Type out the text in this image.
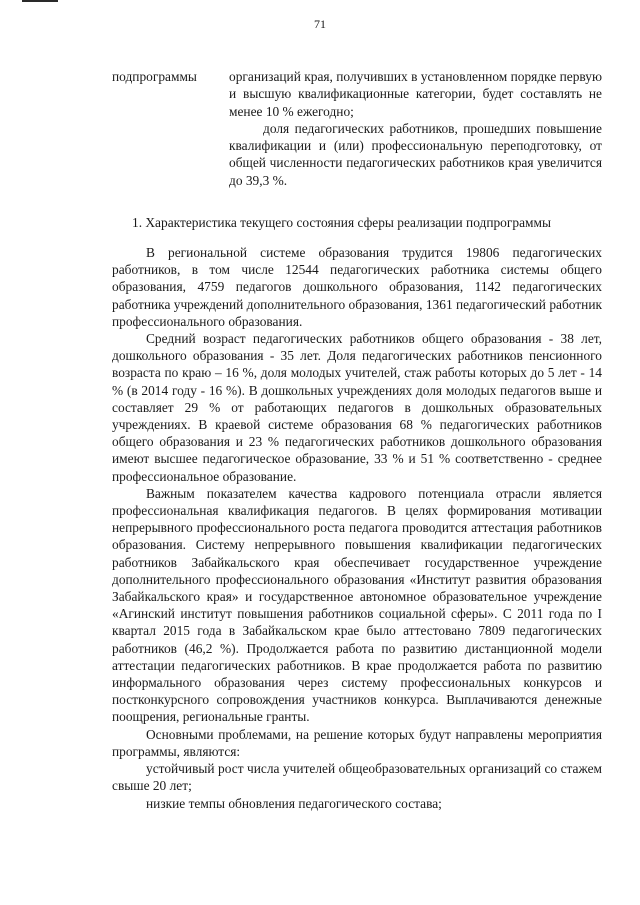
71
подпрограммы организаций края, получивших в установленном порядке первую и высшую квалификационные категории, будет составлять не менее 10 % ежегодно;

доля педагогических работников, прошедших повышение квалификации и (или) профессиональную переподготовку, от общей численности педагогических работников края увеличится до 39,3 %.

1. Характеристика текущего состояния сферы реализации подпрограммы

В региональной системе образования трудится 19806 педагогических работников, в том числе 12544 педагогических работника системы общего образования, 4759 педагогов дошкольного образования, 1142 педагогических работника учреждений дополнительного образования, 1361 педагогический работник профессионального образования.

Средний возраст педагогических работников общего образования - 38 лет, дошкольного образования - 35 лет. Доля педагогических работников пенсионного возраста по краю – 16 %, доля молодых учителей, стаж работы которых до 5 лет - 14 % (в 2014 году - 16 %). В дошкольных учреждениях доля молодых педагогов выше и составляет 29 % от работающих педагогов в дошкольных образовательных учреждениях. В краевой системе образования 68 % педагогических работников общего образования и 23 % педагогических работников дошкольного образования имеют высшее педагогическое образование, 33 % и 51 % соответственно - среднее профессиональное образование.

Важным показателем качества кадрового потенциала отрасли является профессиональная квалификация педагогов. В целях формирования мотивации непрерывного профессионального роста педагога проводится аттестация работников образования. Систему непрерывного повышения квалификации педагогических работников Забайкальского края обеспечивает государственное учреждение дополнительного профессионального образования «Институт развития образования Забайкальского края» и государственное автономное образовательное учреждение «Агинский институт повышения работников социальной сферы». С 2011 года по I квартал 2015 года в Забайкальском крае было аттестовано 7809 педагогических работников (46,2 %). Продолжается работа по развитию дистанционной модели аттестации педагогических работников. В крае продолжается работа по развитию информального образования через систему профессиональных конкурсов и постконкурсного сопровождения участников конкурса. Выплачиваются денежные поощрения, региональные гранты.

Основными проблемами, на решение которых будут направлены мероприятия программы, являются:

устойчивый рост числа учителей общеобразовательных организаций со стажем свыше 20 лет;

низкие темпы обновления педагогического состава;
